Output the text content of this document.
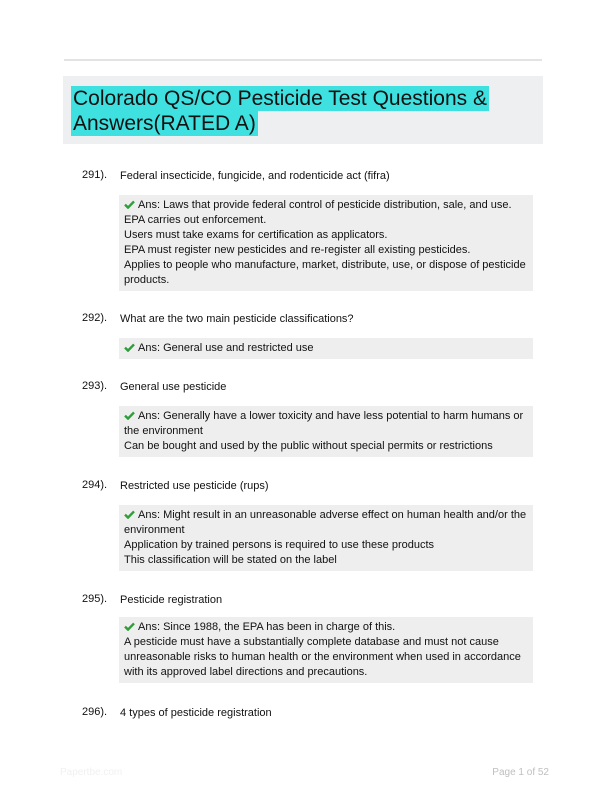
Colorado QS/CO Pesticide Test Questions & Answers(RATED A)
291). Federal insecticide, fungicide, and rodenticide act (fifra)
Ans: Laws that provide federal control of pesticide distribution, sale, and use.
EPA carries out enforcement.
Users must take exams for certification as applicators.
EPA must register new pesticides and re-register all existing pesticides.
Applies to people who manufacture, market, distribute, use, or dispose of pesticide products.
292). What are the two main pesticide classifications?
Ans: General use and restricted use
293). General use pesticide
Ans: Generally have a lower toxicity and have less potential to harm humans or the environment
Can be bought and used by the public without special permits or restrictions
294). Restricted use pesticide (rups)
Ans: Might result in an unreasonable adverse effect on human health and/or the environment
Application by trained persons is required to use these products
This classification will be stated on the label
295). Pesticide registration
Ans: Since 1988, the EPA has been in charge of this.
A pesticide must have a substantially complete database and must not cause unreasonable risks to human health or the environment when used in accordance with its approved label directions and precautions.
296). 4 types of pesticide registration
Papertbe.com	Page 1 of 52
